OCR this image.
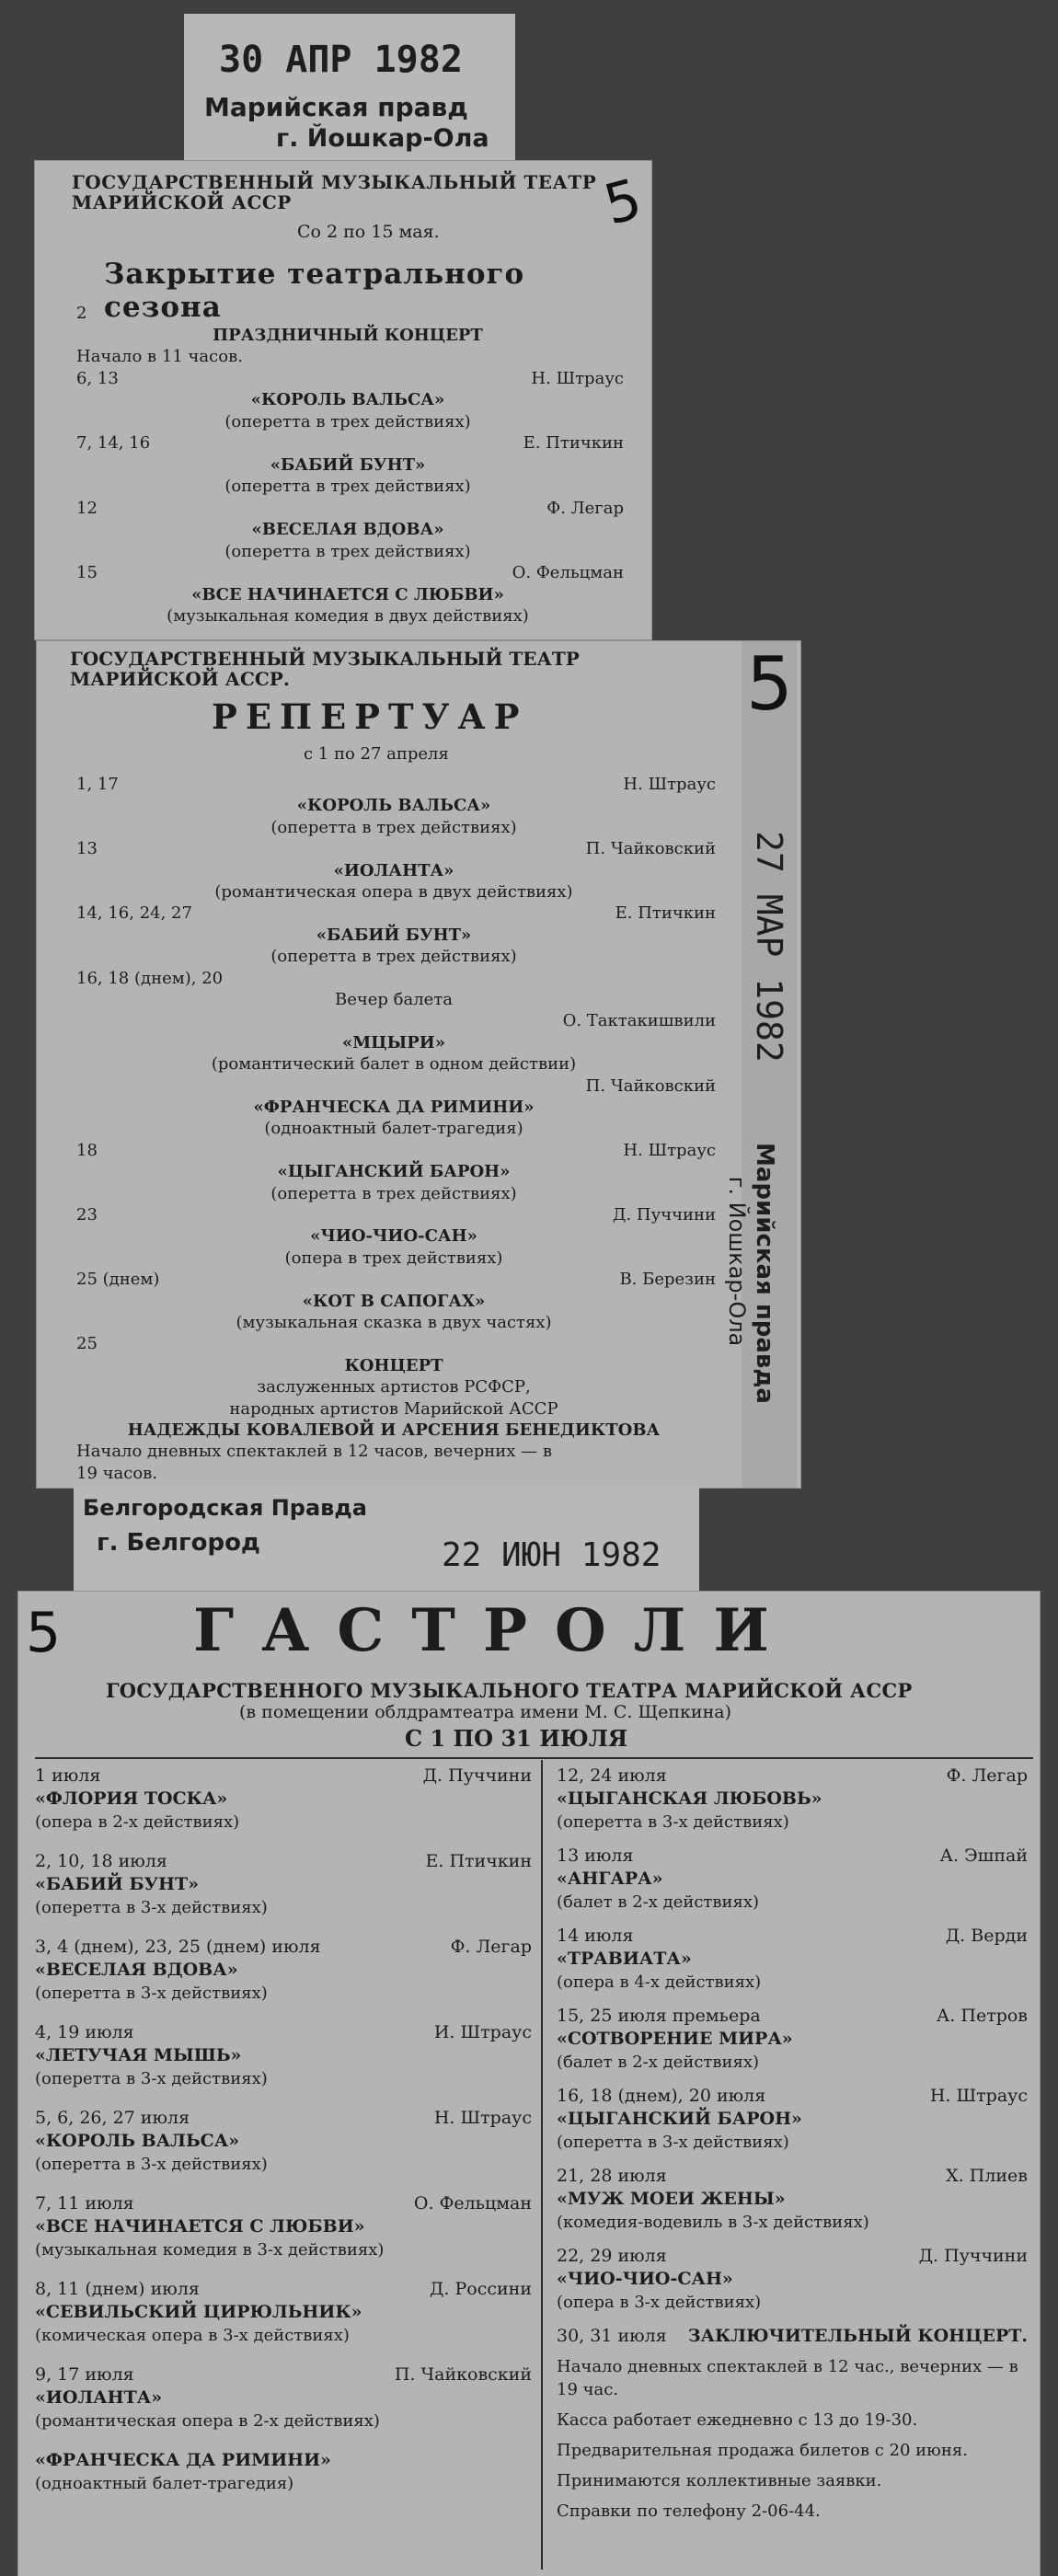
30 АПР 1982
Марийская правд
г. Йошкар-Ола
ГОСУДАРСТВЕННЫЙ МУЗЫКАЛЬНЫЙ ТЕАТР
МАРИЙСКОЙ АССР	5
Со 2 по 15 мая.
Закрытие театрального сезона
2
ПРАЗДНИЧНЫЙ КОНЦЕРТ
Начало в 11 часов.
6, 13	Н. Штраус
«КОРОЛЬ ВАЛЬСА»
(оперетта в трех действиях)
7, 14, 16	Е. Птичкин
«БАБИЙ БУНТ»
(оперетта в трех действиях)
12	Ф. Легар
«ВЕСЕЛАЯ ВДОВА»
(оперетта в трех действиях)
15	О. Фельцман
«ВСЕ НАЧИНАЕТСЯ С ЛЮБВИ»
(музыкальная комедия в двух действиях)
ГОСУДАРСТВЕННЫЙ МУЗЫКАЛЬНЫЙ ТЕАТР
МАРИЙСКОЙ АССР.
РЕПЕРТУАР
с 1 по 27 апреля
1, 17	Н. Штраус
«КОРОЛЬ ВАЛЬСА»
(оперетта в трех действиях)
13	П. Чайковский
«ИОЛАНТА»
(романтическая опера в двух действиях)
14, 16, 24, 27	Е. Птичкин
«БАБИЙ БУНТ»
(оперетта в трех действиях)
16, 18 (днем), 20
Вечер балета
О. Тактакишвили
«МЦЫРИ»
(романтический балет в одном действии)
П. Чайковский
«ФРАНЧЕСКА ДА РИМИНИ»
(одноактный балет-трагедия)
18	Н. Штраус
«ЦЫГАНСКИЙ БАРОН»
(оперетта в трех действиях)
23	Д. Пуччини
«ЧИО-ЧИО-САН»
(опера в трех действиях)
25 (днем)	В. Березин
«КОТ В САПОГАХ»
(музыкальная сказка в двух частях)
25
КОНЦЕРТ
заслуженных артистов РСФСР,
народных артистов Марийской АССР
НАДЕЖДЫ КОВАЛЕВОЙ И АРСЕНИЯ БЕНЕДИКТОВА
Начало дневных спектаклей в 12 часов, вечерних — в
19 часов.
5
27 МАР 1982
Марийская правда
г. Йошкар-Ола
Белгородская Правда
г. Белгород	22 ИЮН 1982
5 ГАСТРОЛИ
ГОСУДАРСТВЕННОГО МУЗЫКАЛЬНОГО ТЕАТРА МАРИЙСКОЙ АССР
(в помещении облдрамтеатра имени М. С. Щепкина)
С 1 ПО 31 ИЮЛЯ
1 июля	Д. Пуччини
«ФЛОРИЯ ТОСКА»
(опера в 2-х действиях)
2, 10, 18 июля	Е. Птичкин
«БАБИЙ БУНТ»
(оперетта в 3-х действиях)
3, 4 (днем), 23, 25 (днем) июля	Ф. Легар
«ВЕСЕЛАЯ ВДОВА»
(оперетта в 3-х действиях)
4, 19 июля	И. Штраус
«ЛЕТУЧАЯ МЫШЬ»
(оперетта в 3-х действиях)
5, 6, 26, 27 июля	Н. Штраус
«КОРОЛЬ ВАЛЬСА»
(оперетта в 3-х действиях)
7, 11 июля	О. Фельцман
«ВСЕ НАЧИНАЕТСЯ С ЛЮБВИ»
(музыкальная комедия в 3-х действиях)
8, 11 (днем) июля	Д. Россини
«СЕВИЛЬСКИЙ ЦИРЮЛЬНИК»
(комическая опера в 3-х действиях)
9, 17 июля	П. Чайковский
«ИОЛАНТА»
(романтическая опера в 2-х действиях)
«ФРАНЧЕСКА ДА РИМИНИ»
(одноактный балет-трагедия)
12, 24 июля	Ф. Легар
«ЦЫГАНСКАЯ ЛЮБОВЬ»
(оперетта в 3-х действиях)
13 июля	А. Эшпай
«АНГАРА»
(балет в 2-х действиях)
14 июля	Д. Верди
«ТРАВИАТА»
(опера в 4-х действиях)
15, 25 июля премьера	А. Петров
«СОТВОРЕНИЕ МИРА»
(балет в 2-х действиях)
16, 18 (днем), 20 июля	Н. Штраус
«ЦЫГАНСКИЙ БАРОН»
(оперетта в 3-х действиях)
21, 28 июля	Х. Плиев
«МУЖ МОЕИ ЖЕНЫ»
(комедия-водевиль в 3-х действиях)
22, 29 июля	Д. Пуччини
«ЧИО-ЧИО-САН»
(опера в 3-х действиях)
30, 31 июля ЗАКЛЮЧИТЕЛЬНЫЙ КОНЦЕРТ.
Начало дневных спектаклей в 12 час., вечерних — в 19 час.
Касса работает ежедневно с 13 до 19-30.
Предварительная продажа билетов с 20 июня.
Принимаются коллективные заявки.
Справки по телефону 2-06-44.
